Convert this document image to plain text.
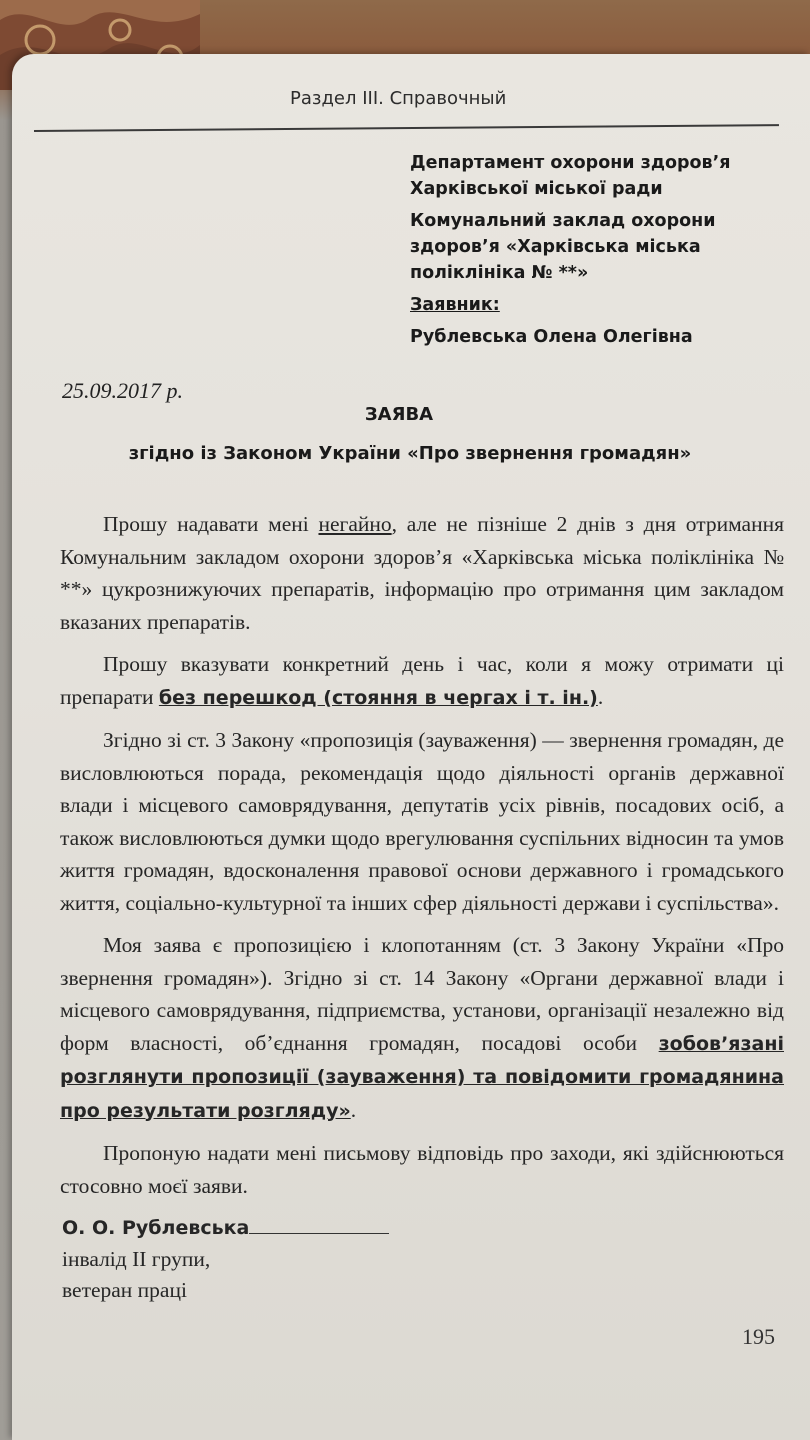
Раздел III. Справочный

Департамент охорони здоров’я Харківської міської ради

Комунальний заклад охорони здоров’я «Харківська міська поліклініка № **»

Заявник:

Рублевська Олена Олегівна

25.09.2017 р.
ЗАЯВА
згідно із Законом України «Про звернення громадян»

  Прошу надавати мені негайно, але не пізніше 2 днів з дня отримання Комунальним закладом охорони здоров’я «Харківська міська поліклініка № **» цукрознижуючих препаратів, інформацію про отримання цим закладом вказаних препаратів.

  Прошу вказувати конкретний день і час, коли я можу отримати ці препарати без перешкод (стояння в чергах і т. ін.).

  Згідно зі ст. 3 Закону «пропозиція (зауваження) — звернення громадян, де висловлюються порада, рекомендація щодо діяльності органів державної влади і місцевого самоврядування, депутатів усіх рівнів, посадових осіб, а також висловлюються думки щодо врегулювання суспільних відносин та умов життя громадян, вдосконалення правової основи державного і громадського життя, соціально-культурної та інших сфер діяльності держави і суспільства».

  Моя заява є пропозицією і клопотанням (ст. 3 Закону України «Про звернення громадян»). Згідно зі ст. 14 Закону «Органи державної влади і місцевого самоврядування, підприємства, установи, організації незалежно від форм власності, об’єднання громадян, посадові особи зобов’язані розглянути пропозиції (зауваження) та повідомити громадянина про результати розгляду».

  Пропоную надати мені письмову відповідь про заходи, які здійснюються стосовно моєї заяви.

О. О. Рублевська
інвалід ІІ групи,
ветеран праці
195
